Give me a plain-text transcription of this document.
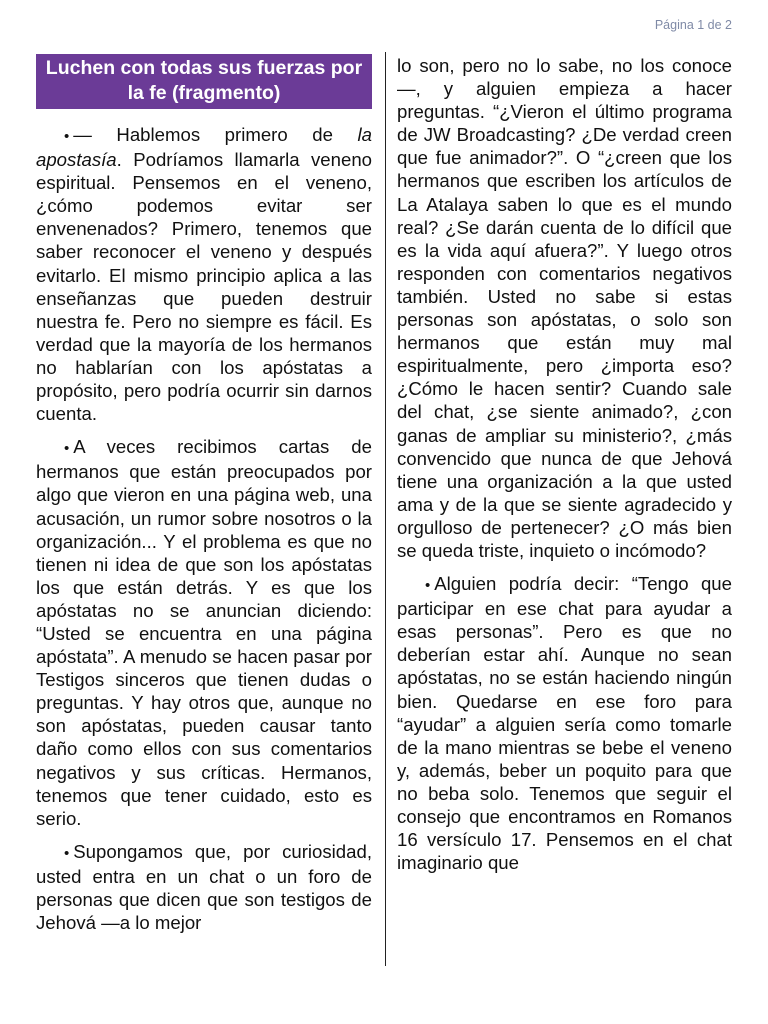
Página 1 de 2
Luchen con todas sus fuerzas por la fe (fragmento)

• — Hablemos primero de la apostasía. Podríamos llamarla veneno espiritual. Pensemos en el veneno, ¿cómo podemos evitar ser envenenados? Primero, tenemos que saber reconocer el veneno y después evitarlo. El mismo principio aplica a las enseñanzas que pueden destruir nuestra fe. Pero no siempre es fácil. Es verdad que la mayoría de los hermanos no hablarían con los apóstatas a propósito, pero podría ocurrir sin darnos cuenta.

• A veces recibimos cartas de hermanos que están preocupados por algo que vieron en una página web, una acusación, un rumor sobre nosotros o la organización... Y el problema es que no tienen ni idea de que son los apóstatas los que están detrás. Y es que los apóstatas no se anuncian diciendo: “Usted se encuentra en una página apóstata”. A menudo se hacen pasar por Testigos sinceros que tienen dudas o preguntas. Y hay otros que, aunque no son apóstatas, pueden causar tanto daño como ellos con sus comentarios negativos y sus críticas. Hermanos, tenemos que tener cuidado, esto es serio.

• Supongamos que, por curiosidad, usted entra en un chat o un foro de personas que dicen que son testigos de Jehová —a lo mejor

lo son, pero no lo sabe, no los conoce—, y alguien empieza a hacer preguntas. “¿Vieron el último programa de JW Broadcasting? ¿De verdad creen que fue animador?”. O “¿creen que los hermanos que escriben los artículos de La Atalaya saben lo que es el mundo real? ¿Se darán cuenta de lo difícil que es la vida aquí afuera?”. Y luego otros responden con comentarios negativos también. Usted no sabe si estas personas son apóstatas, o solo son hermanos que están muy mal espiritualmente, pero ¿importa eso? ¿Cómo le hacen sentir? Cuando sale del chat, ¿se siente animado?, ¿con ganas de ampliar su ministerio?, ¿más convencido que nunca de que Jehová tiene una organización a la que usted ama y de la que se siente agradecido y orgulloso de pertenecer? ¿O más bien se queda triste, inquieto o incómodo?

• Alguien podría decir: “Tengo que participar en ese chat para ayudar a esas personas”. Pero es que no deberían estar ahí. Aunque no sean apóstatas, no se están haciendo ningún bien. Quedarse en ese foro para “ayudar” a alguien sería como tomarle de la mano mientras se bebe el veneno y, además, beber un poquito para que no beba solo. Tenemos que seguir el consejo que encontramos en Romanos 16 versículo 17. Pensemos en el chat imaginario que
